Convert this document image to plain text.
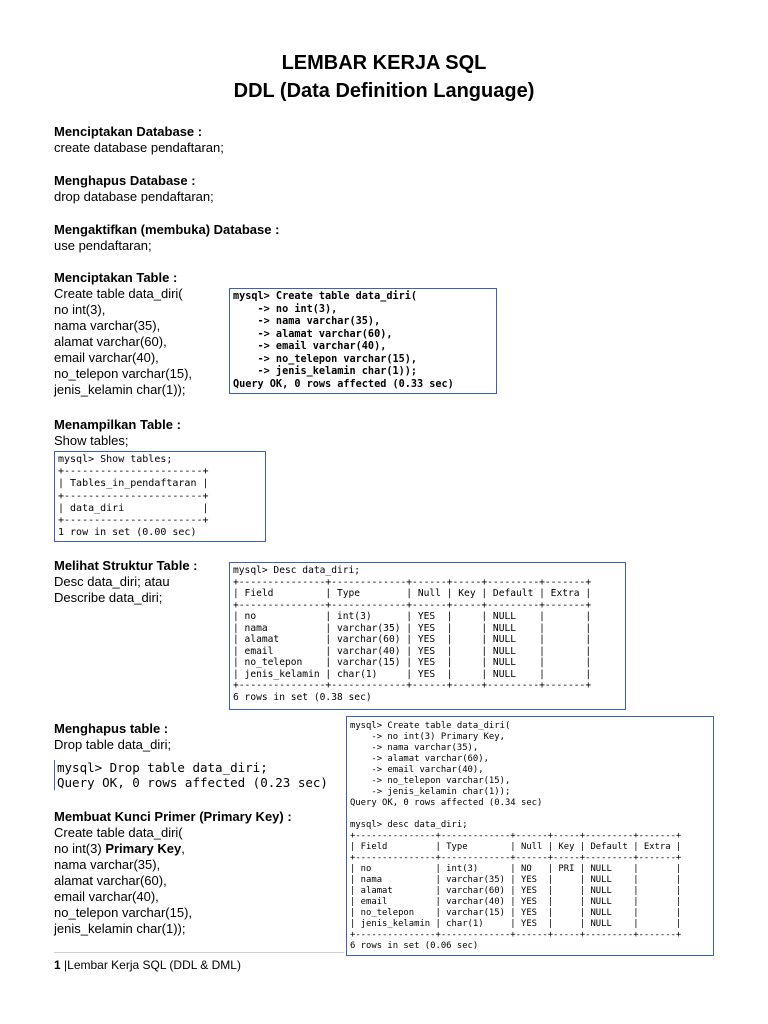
LEMBAR KERJA SQL
DDL (Data Definition Language)
Menciptakan Database :
create database pendaftaran;
Menghapus Database :
drop database pendaftaran;
Mengaktifkan (membuka) Database :
use pendaftaran;
Menciptakan Table :
Create table data_diri(
no int(3),
nama varchar(35),
alamat varchar(60),
email varchar(40),
no_telepon varchar(15),
jenis_kelamin char(1));
mysql> Create table data_diri(
-> no int(3),
-> nama varchar(35),
-> alamat varchar(60),
-> email varchar(40),
-> no_telepon varchar(15),
-> jenis_kelamin char(1));
Query OK, 0 rows affected (0.33 sec)
Menampilkan Table :
Show tables;
mysql> Show tables;
+-----------------------+
| Tables_in_pendaftaran |
+-----------------------+
| data_diri             |
+-----------------------+
1 row in set (0.00 sec)
Melihat Struktur Table :
Desc data_diri; atau
Describe data_diri;
mysql> Desc data_diri;
+---------------+-------------+------+-----+---------+-------+
| Field         | Type        | Null | Key | Default | Extra |
+---------------+-------------+------+-----+---------+-------+
| no            | int(3)      | YES  |     | NULL    |       |
| nama          | varchar(35) | YES  |     | NULL    |       |
| alamat        | varchar(60) | YES  |     | NULL    |       |
| email         | varchar(40) | YES  |     | NULL    |       |
| no_telepon    | varchar(15) | YES  |     | NULL    |       |
| jenis_kelamin | char(1)     | YES  |     | NULL    |       |
+---------------+-------------+------+-----+---------+-------+
6 rows in set (0.38 sec)
Menghapus table :
Drop table data_diri;
mysql> Drop table data_diri;
Query OK, 0 rows affected (0.23 sec)
Membuat Kunci Primer (Primary Key) :
Create table data_diri(
no int(3) Primary Key,
nama varchar(35),
alamat varchar(60),
email varchar(40),
no_telepon varchar(15),
jenis_kelamin char(1));
mysql> Create table data_diri(
-> no int(3) Primary Key,
-> nama varchar(35),
-> alamat varchar(60),
-> email varchar(40),
-> no_telepon varchar(15),
-> jenis_kelamin char(1));
Query OK, 0 rows affected (0.34 sec)

mysql> desc data_diri;
+---------------+-------------+------+-----+---------+-------+
| Field         | Type        | Null | Key | Default | Extra |
+---------------+-------------+------+-----+---------+-------+
| no            | int(3)      | NO   | PRI | NULL    |       |
| nama          | varchar(35) | YES  |     | NULL    |       |
| alamat        | varchar(60) | YES  |     | NULL    |       |
| email         | varchar(40) | YES  |     | NULL    |       |
| no_telepon    | varchar(15) | YES  |     | NULL    |       |
| jenis_kelamin | char(1)     | YES  |     | NULL    |       |
+---------------+-------------+------+-----+---------+-------+
6 rows in set (0.06 sec)
1 |Lembar Kerja SQL (DDL & DML)
